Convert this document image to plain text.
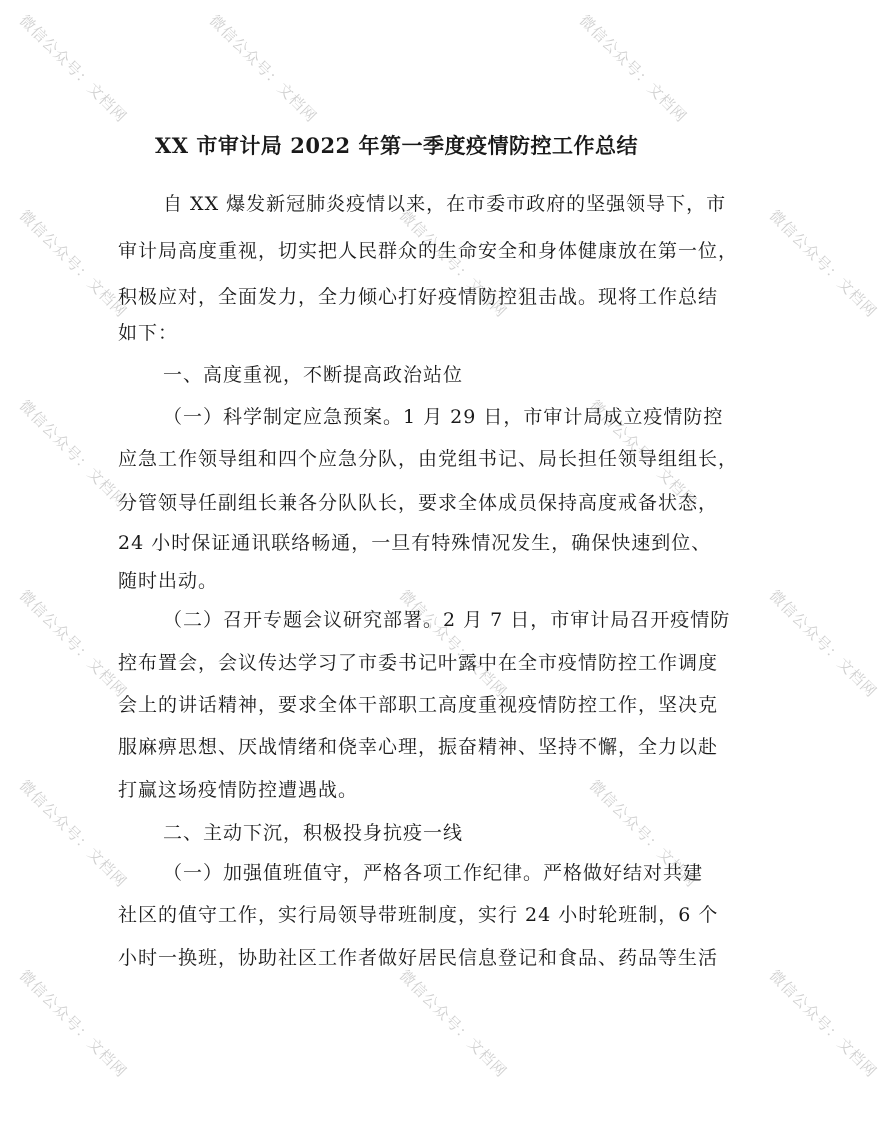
微信公众号：文档网	微信公众号：文档网	微信公众号：文档网
微信公众号：文档网	微信公众号：文档网	微信公众号：文档网
微信公众号：文档网	微信公众号：文档网
微信公众号：文档网	微信公众号：文档网	微信公众号：文档网
微信公众号：文档网	微信公众号：文档网
微信公众号：文档网	微信公众号：文档网	微信公众号：文档网
XX 市审计局 2022 年第一季度疫情防控工作总结
自 XX 爆发新冠肺炎疫情以来，在市委市政府的坚强领导下，市
审计局高度重视，切实把人民群众的生命安全和身体健康放在第一位，
积极应对，全面发力，全力倾心打好疫情防控狙击战。现将工作总结
如下：
一、高度重视，不断提高政治站位
（一）科学制定应急预案。1 月 29 日，市审计局成立疫情防控
应急工作领导组和四个应急分队，由党组书记、局长担任领导组组长，
分管领导任副组长兼各分队队长，要求全体成员保持高度戒备状态，
24 小时保证通讯联络畅通，一旦有特殊情况发生，确保快速到位、
随时出动。
（二）召开专题会议研究部署。2 月 7 日，市审计局召开疫情防
控布置会，会议传达学习了市委书记叶露中在全市疫情防控工作调度
会上的讲话精神，要求全体干部职工高度重视疫情防控工作，坚决克
服麻痹思想、厌战情绪和侥幸心理，振奋精神、坚持不懈，全力以赴
打赢这场疫情防控遭遇战。
二、主动下沉，积极投身抗疫一线
（一）加强值班值守，严格各项工作纪律。严格做好结对共建
社区的值守工作，实行局领导带班制度，实行 24 小时轮班制，6 个
小时一换班，协助社区工作者做好居民信息登记和食品、药品等生活
